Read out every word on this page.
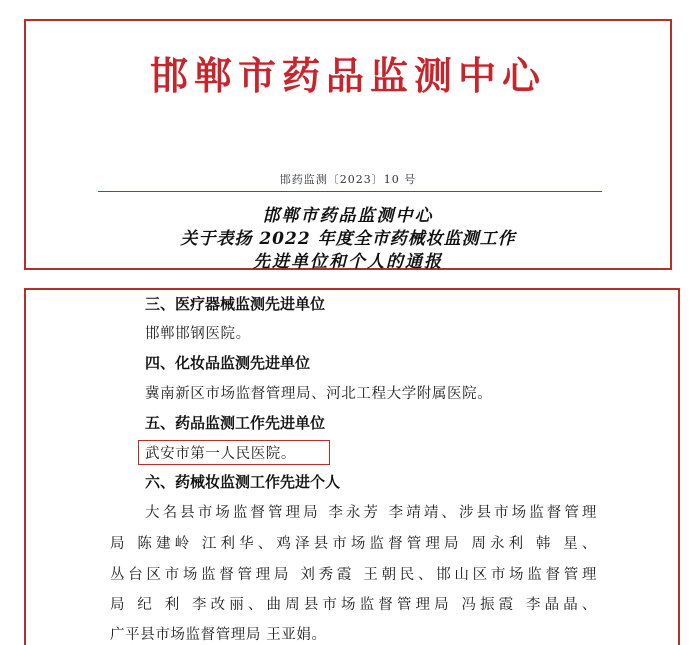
邯郸市药品监测中心
邯药监测〔2023〕10 号
邯郸市药品监测中心
关于表扬 2022 年度全市药械妆监测工作
先进单位和个人的通报
三、医疗器械监测先进单位
邯郸邯钢医院。
四、化妆品监测先进单位
冀南新区市场监督管理局、河北工程大学附属医院。
五、药品监测工作先进单位
武安市第一人民医院。
六、药械妆监测工作先进个人
大名县市场监督管理局 李永芳 李靖靖、涉县市场监督管理
局 陈建岭 江利华、鸡泽县市场监督管理局 周永利 韩 星、
丛台区市场监督管理局 刘秀霞 王朝民、邯山区市场监督管理
局 纪 利 李改丽、曲周县市场监督管理局 冯振霞 李晶晶、
广平县市场监督管理局 王亚娟。
